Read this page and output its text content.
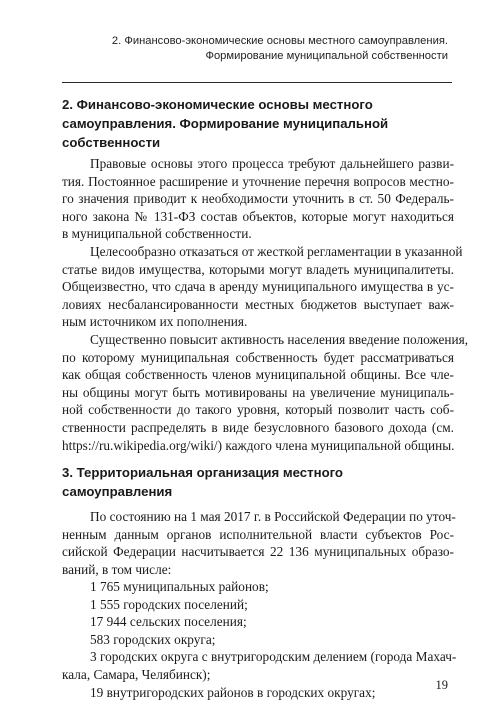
2. Финансово-экономические основы местного самоуправления.
Формирование муниципальной собственности
2. Финансово-экономические основы местного
самоуправления. Формирование муниципальной
собственности
Правовые основы этого процесса требуют дальнейшего разви-
тия. Постоянное расширение и уточнение перечня вопросов местно-
го значения приводит к необходимости уточнить в ст. 50 Федераль-
ного закона № 131-ФЗ состав объектов, которые могут находиться
в муниципальной собственности.
Целесообразно отказаться от жесткой регламентации в указанной
статье видов имущества, которыми могут владеть муниципалитеты.
Общеизвестно, что сдача в аренду муниципального имущества в ус-
ловиях несбалансированности местных бюджетов выступает важ-
ным источником их пополнения.
Существенно повысит активность населения введение положения,
по которому муниципальная собственность будет рассматриваться
как общая собственность членов муниципальной общины. Все чле-
ны общины могут быть мотивированы на увеличение муниципаль-
ной собственности до такого уровня, который позволит часть соб-
ственности распределять в виде безусловного базового дохода (см.
https://ru.wikipedia.org/wiki/) каждого члена муниципальной общины.
3. Территориальная организация местного
самоуправления
По состоянию на 1 мая 2017 г. в Российской Федерации по уточ-
ненным данным органов исполнительной власти субъектов Рос-
сийской Федерации насчитывается 22 136 муниципальных образо-
ваний, в том числе:
1 765 муниципальных районов;
1 555 городских поселений;
17 944 сельских поселения;
583 городских округа;
3 городских округа с внутригородским делением (города Махач-
кала, Самара, Челябинск);
19 внутригородских районов в городских округах;	19
